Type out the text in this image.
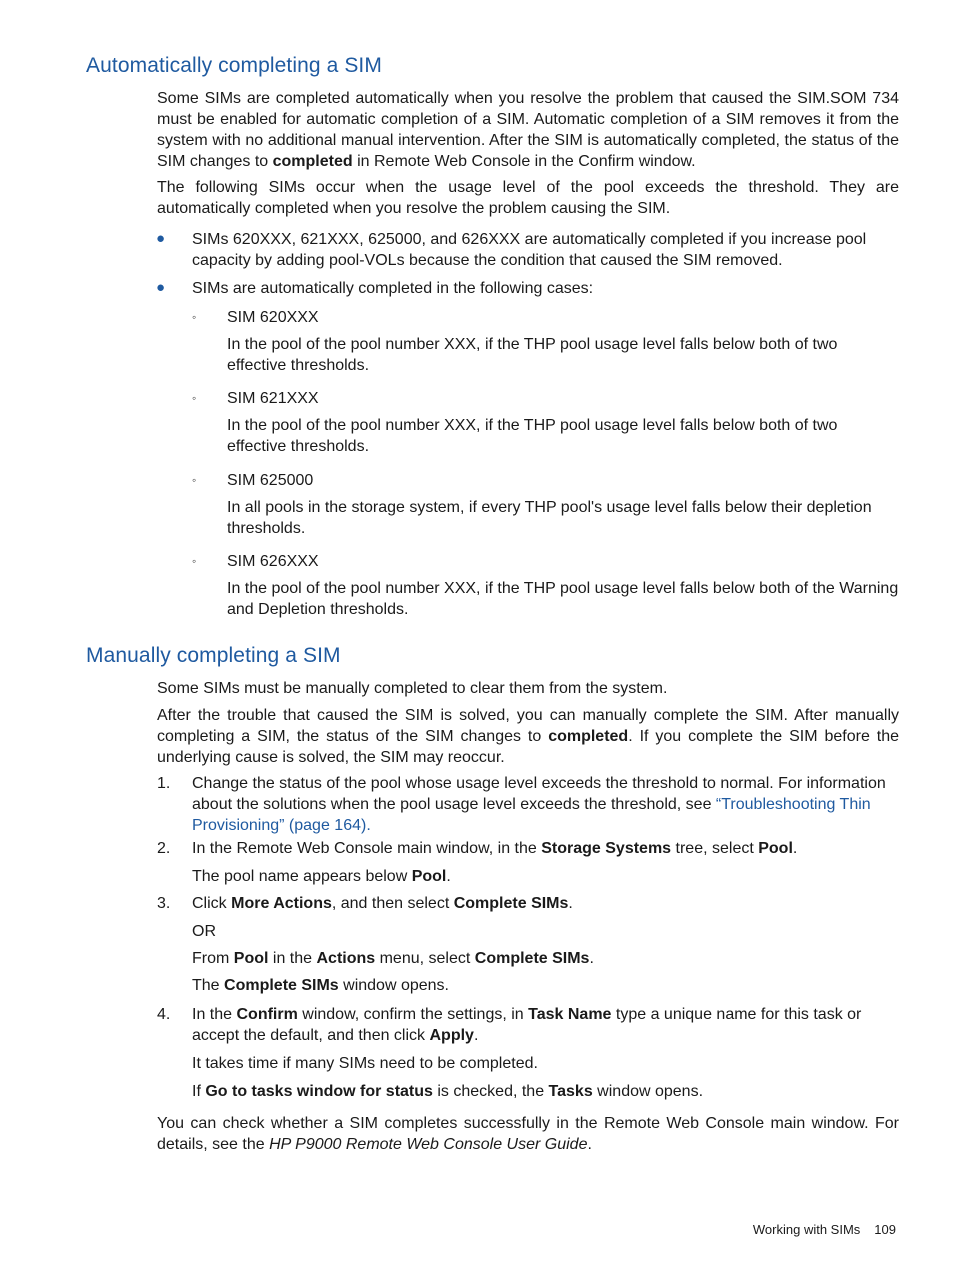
Automatically completing a SIM

Some SIMs are completed automatically when you resolve the problem that caused the SIM.SOM 734 must be enabled for automatic completion of a SIM. Automatic completion of a SIM removes it from the system with no additional manual intervention. After the SIM is automatically completed, the status of the SIM changes to completed in Remote Web Console in the Confirm window.

The following SIMs occur when the usage level of the pool exceeds the threshold. They are automatically completed when you resolve the problem causing the SIM.

● SIMs 620XXX, 621XXX, 625000, and 626XXX are automatically completed if you increase pool capacity by adding pool-VOLs because the condition that caused the SIM removed.

● SIMs are automatically completed in the following cases:

◦ SIM 620XXX

In the pool of the pool number XXX, if the THP pool usage level falls below both of two effective thresholds.

◦ SIM 621XXX

In the pool of the pool number XXX, if the THP pool usage level falls below both of two effective thresholds.

◦ SIM 625000

In all pools in the storage system, if every THP pool's usage level falls below their depletion thresholds.

◦ SIM 626XXX

In the pool of the pool number XXX, if the THP pool usage level falls below both of the Warning and Depletion thresholds.

Manually completing a SIM

Some SIMs must be manually completed to clear them from the system.

After the trouble that caused the SIM is solved, you can manually complete the SIM. After manually completing a SIM, the status of the SIM changes to completed. If you complete the SIM before the underlying cause is solved, the SIM may reoccur.

1. Change the status of the pool whose usage level exceeds the threshold to normal. For information about the solutions when the pool usage level exceeds the threshold, see “Troubleshooting Thin Provisioning” (page 164).

2. In the Remote Web Console main window, in the Storage Systems tree, select Pool.

The pool name appears below Pool.

3. Click More Actions, and then select Complete SIMs.

OR

From Pool in the Actions menu, select Complete SIMs.

The Complete SIMs window opens.

4. In the Confirm window, confirm the settings, in Task Name type a unique name for this task or accept the default, and then click Apply.

It takes time if many SIMs need to be completed.

If Go to tasks window for status is checked, the Tasks window opens.

You can check whether a SIM completes successfully in the Remote Web Console main window. For details, see the HP P9000 Remote Web Console User Guide.

Working with SIMs 109
